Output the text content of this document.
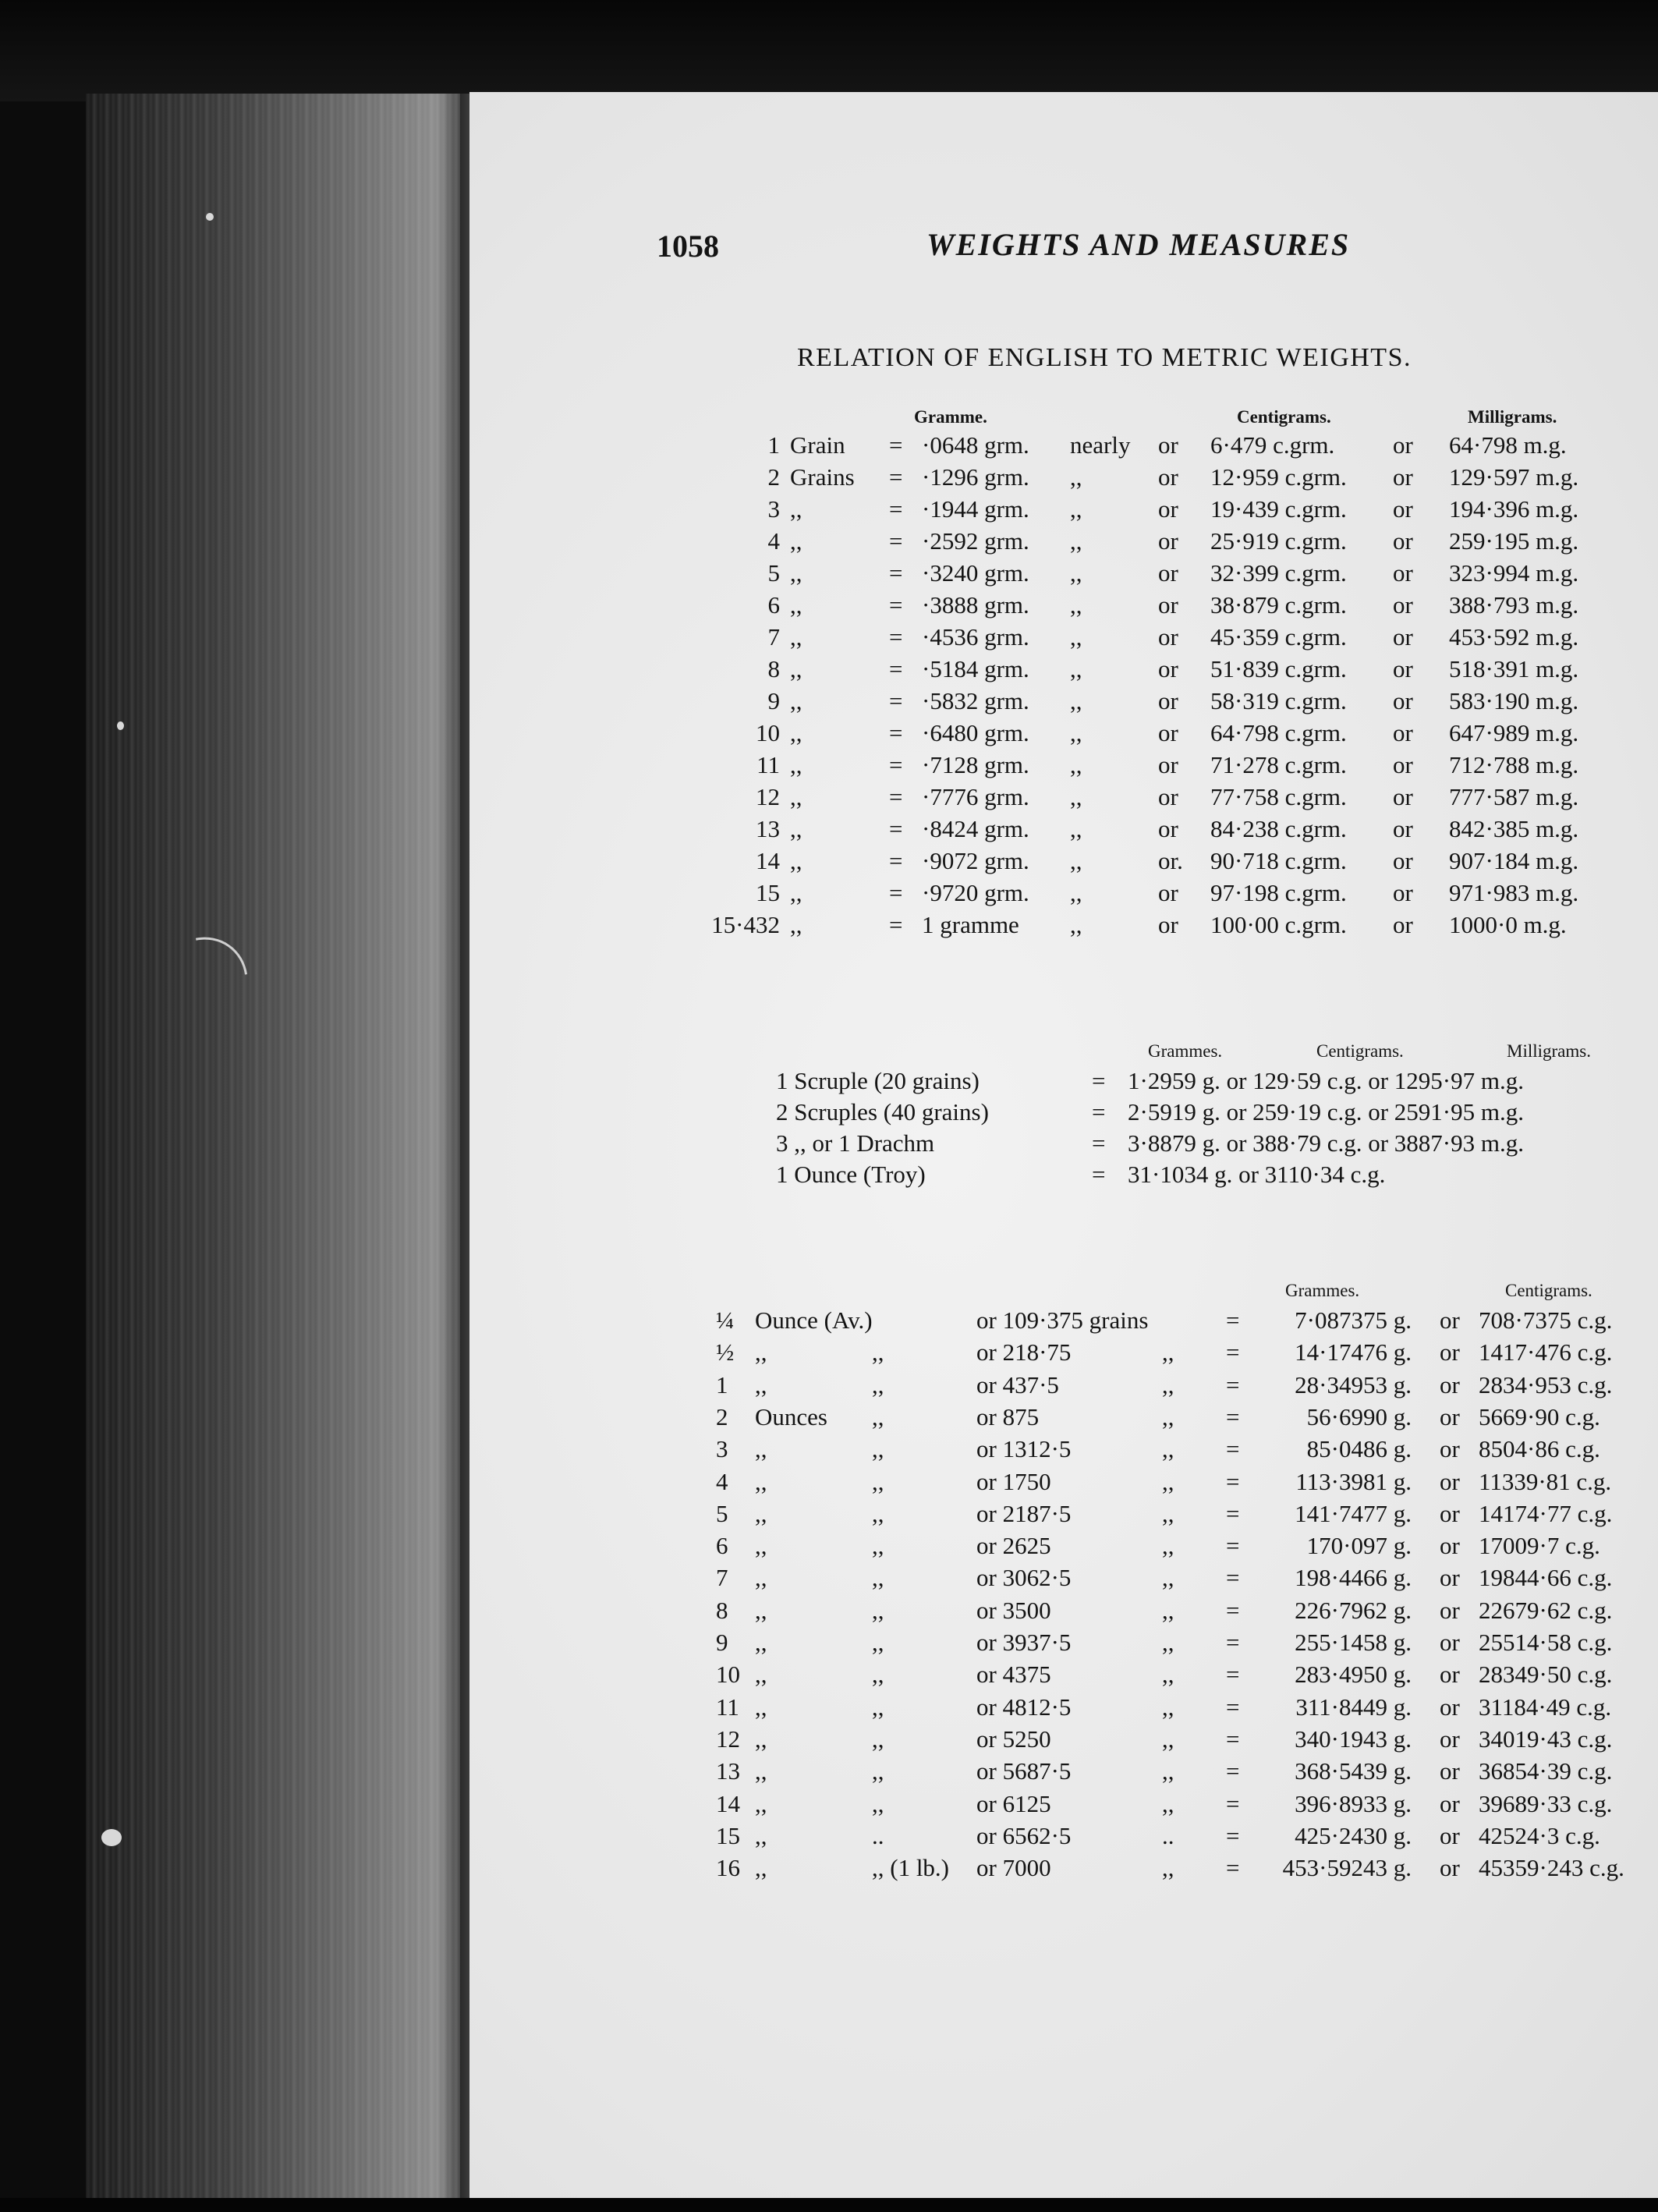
1058	WEIGHTS AND MEASURES
RELATION OF ENGLISH TO METRIC WEIGHTS.
Gramme.	Centigrams.	Milligrams.
1 Grain	= ·0648 grm.	nearly	or	6·479 c.grm.	or	64·798 m.g.
2 Grains	= ·1296 grm.	,,	or	12·959 c.grm.	or	129·597 m.g.
3 ,,	= ·1944 grm.	,,	or	19·439 c.grm.	or	194·396 m.g.
4 ,,	= ·2592 grm.	,,	or	25·919 c.grm.	or	259·195 m.g.
5 ,,	= ·3240 grm.	,,	or	32·399 c.grm.	or	323·994 m.g.
6 ,,	= ·3888 grm.	,,	or	38·879 c.grm.	or	388·793 m.g.
7 ,,	= ·4536 grm.	,,	or	45·359 c.grm.	or	453·592 m.g.
8 ,,	= ·5184 grm.	,,	or	51·839 c.grm.	or	518·391 m.g.
9 ,,	= ·5832 grm.	,,	or	58·319 c.grm.	or	583·190 m.g.
10 ,,	= ·6480 grm.	,,	or	64·798 c.grm.	or	647·989 m.g.
11 ,,	= ·7128 grm.	,,	or	71·278 c.grm.	or	712·788 m.g.
12 ,,	= ·7776 grm.	,,	or	77·758 c.grm.	or	777·587 m.g.
13 ,,	= ·8424 grm.	,,	or	84·238 c.grm.	or	842·385 m.g.
14 ,,	= ·9072 grm.	,,	or.	90·718 c.grm.	or	907·184 m.g.
15 ,,	= ·9720 grm.	,,	or	97·198 c.grm.	or	971·983 m.g.
15·432 ,,	= 1 gramme	,,	or	100·00 c.grm.	or	1000·0 m.g.
Grammes.	Centigrams.	Milligrams.
1 Scruple (20 grains)	= 1·2959 g. or 129·59 c.g. or 1295·97 m.g.
2 Scruples (40 grains)	= 2·5919 g. or 259·19 c.g. or 2591·95 m.g.
3 ,, or 1 Drachm	= 3·8879 g. or 388·79 c.g. or 3887·93 m.g.
1 Ounce (Troy)	= 31·1034 g. or 3110·34 c.g.
Grammes.	Centigrams.
¼ Ounce (Av.)	or 109·375 grains	=	7·087375 g. or 708·7375 c.g.
½ ,,	,,	or 218·75	,,	=	14·17476 g. or 1417·476 c.g.
1	,,	,,	or 437·5	,,	=	28·34953 g. or 2834·953 c.g.
2	Ounces	,,	or 875	,,	=	56·6990 g. or 5669·90 c.g.
3	,,	,,	or 1312·5	,,	=	85·0486 g. or 8504·86 c.g.
4	,,	,,	or 1750	,,	=	113·3981 g. or 11339·81 c.g.
5	,,	,,	or 2187·5	,,	=	141·7477 g. or 14174·77 c.g.
6	,,	,,	or 2625	,,	=	170·097 g. or 17009·7 c.g.
7	,,	,,	or 3062·5	,,	=	198·4466 g. or 19844·66 c.g.
8	,,	,,	or 3500	,,	=	226·7962 g. or 22679·62 c.g.
9	,,	,,	or 3937·5	,,	=	255·1458 g. or 25514·58 c.g.
10 ,,	,,	or 4375	,,	=	283·4950 g. or 28349·50 c.g.
11 ,,	,,	or 4812·5	,,	=	311·8449 g. or 31184·49 c.g.
12 ,,	,,	or 5250	,,	=	340·1943 g. or 34019·43 c.g.
13 ,,	,,	or 5687·5	,,	=	368·5439 g. or 36854·39 c.g.
14 ,,	,,	or 6125	,,	=	396·8933 g. or 39689·33 c.g.
15 ,,	..	or 6562·5	..	=	425·2430 g. or 42524·3 c.g.
16 ,,	,, (1 lb.)	or 7000	,,	=	453·59243 g. or 45359·243 c.g.
